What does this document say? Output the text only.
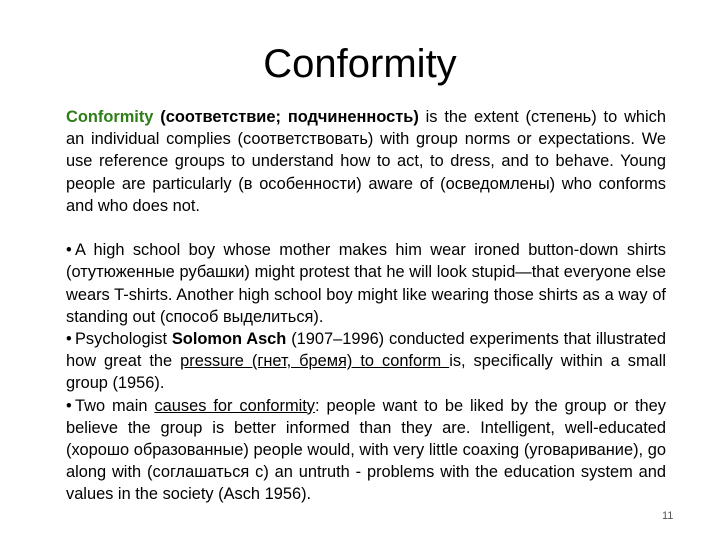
Conformity

Conformity (соответствие; подчиненность) is the extent (степень) to which an individual complies (соответствовать) with group norms or expectations. We use reference groups to understand how to act, to dress, and to behave. Young people are particularly (в особенности) aware of (осведомлены) who conforms and who does not.

• A high school boy whose mother makes him wear ironed button-down shirts (отутюженные рубашки) might protest that he will look stupid—that everyone else wears T-shirts. Another high school boy might like wearing those shirts as a way of standing out (способ выделиться).

• Psychologist Solomon Asch (1907–1996) conducted experiments that illustrated how great the pressure (гнет, бремя) to conform is, specifically within a small group (1956).

• Two main causes for conformity: people want to be liked by the group or they believe the group is better informed than they are. Intelligent, well-educated (хорошо образованные) people would, with very little coaxing (уговаривание), go along with (соглашаться с) an untruth - problems with the education system and values in the society (Asch 1956).

11
